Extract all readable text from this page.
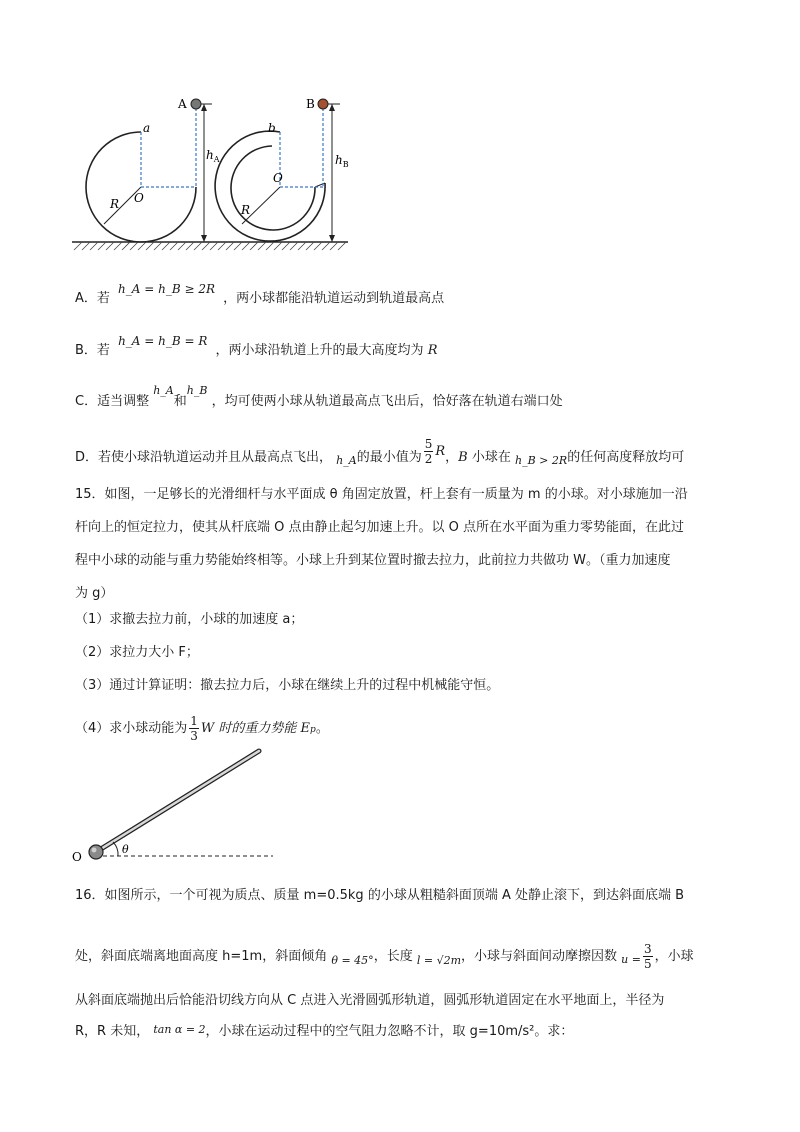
O
R
a
A
$h_A$
O
R
b
B
$h_B$
A．若 h_A = h_B ≥ 2R ，两小球都能沿轨道运动到轨道最高点
B．若 h_A = h_B = R ，两小球沿轨道上升的最大高度均为 R
C．适当调整 $^{h\_A}$和$^{h\_B}$ ，均可使两小球从轨道最高点飞出后，恰好落在轨道右端口处
D．若使小球沿轨道运动并且从最高点飞出， $_{h\_A}$的最小值为 $\frac{5}{2}$ R，B 小球在 $_{h\_B > 2R}$的任何高度释放均可
15．如图，一足够长的光滑细杆与水平面成 θ 角固定放置，杆上套有一质量为 m 的小球。对小球施加一沿
杆向上的恒定拉力，使其从杆底端 O 点由静止起匀加速上升。以 O 点所在水平面为重力零势能面，在此过
程中小球的动能与重力势能始终相等。小球上升到某位置时撤去拉力，此前拉力共做功 W。（重力加速度
为 g）
（1）求撤去拉力前，小球的加速度 a；
（2）求拉力大小 F；
（3）通过计算证明：撤去拉力后，小球在继续上升的过程中机械能守恒。
（4）求小球动能为 $\frac{1}{3}$ W 时的重力势能 Ep。
θ
O
16．如图所示，一个可视为质点、质量 m=0.5kg 的小球从粗糙斜面顶端 A 处静止滚下，到达斜面底端 B
处，斜面底端离地面高度 h=1m，斜面倾角 $_{\theta = 45^\circ}$，长度 $_{l = √2m}$，小球与斜面间动摩擦因数 $_{u =} \frac{3}{5}$ ，小球
从斜面底端抛出后恰能沿切线方向从 C 点进入光滑圆弧形轨道，圆弧形轨道固定在水平地面上，半径为
R，R 未知， tan α = 2，小球在运动过程中的空气阻力忽略不计，取 g=10m/s²。求：
